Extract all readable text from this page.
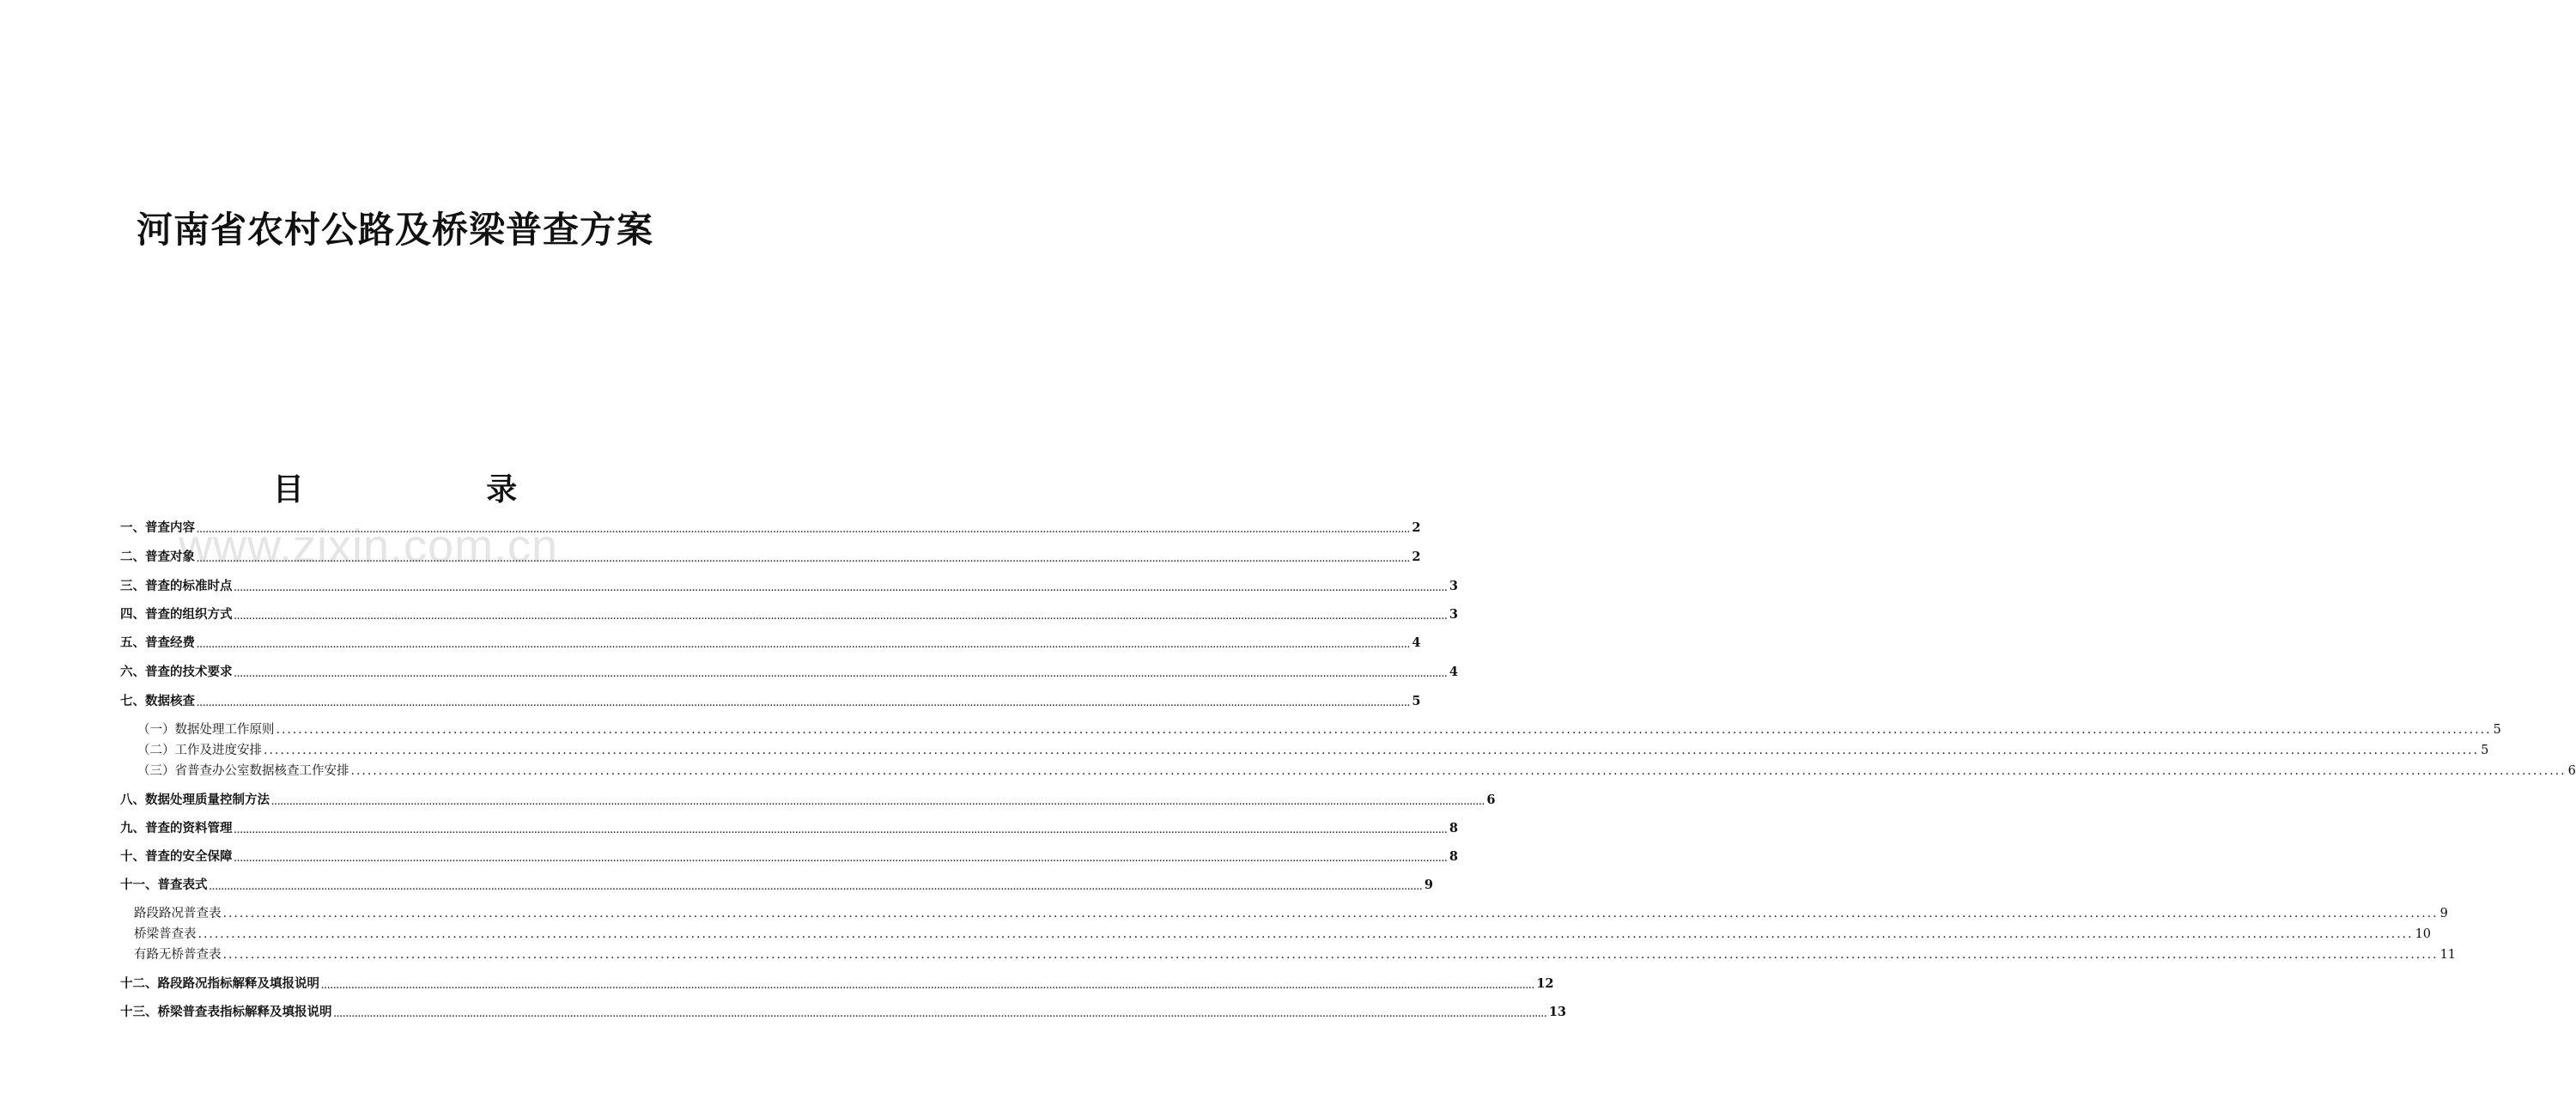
河南省农村公路及桥梁普查方案
目 录
www.zixin.com.cn
一、普查内容 ................................................................................................................................................................................................................................................................................................................................................................................................................ 2
二、普查对象 ................................................................................................................................................................................................................................................................................................................................................................................................................ 2
三、普查的标准时点 ................................................................................................................................................................................................................................................................................................................................................................................................................ 3
四、普查的组织方式 ................................................................................................................................................................................................................................................................................................................................................................................................................ 3
五、普查经费 ................................................................................................................................................................................................................................................................................................................................................................................................................ 4
六、普查的技术要求 ................................................................................................................................................................................................................................................................................................................................................................................................................ 4
七、数据核查 ................................................................................................................................................................................................................................................................................................................................................................................................................ 5
（一）数据处理工作原则 ................................................................................................................................................................................................................................................................................................................................................................................................................ 5
（二）工作及进度安排 ................................................................................................................................................................................................................................................................................................................................................................................................................ 5
（三）省普查办公室数据核查工作安排 ................................................................................................................................................................................................................................................................................................................................................................................................................ 6
八、数据处理质量控制方法 ................................................................................................................................................................................................................................................................................................................................................................................................................ 6
九、普查的资料管理 ................................................................................................................................................................................................................................................................................................................................................................................................................ 8
十、普查的安全保障 ................................................................................................................................................................................................................................................................................................................................................................................................................ 8
十一、普查表式 ................................................................................................................................................................................................................................................................................................................................................................................................................ 9
路段路况普查表 ................................................................................................................................................................................................................................................................................................................................................................................................................ 9
桥梁普查表 ................................................................................................................................................................................................................................................................................................................................................................................................................ 10
有路无桥普查表 ................................................................................................................................................................................................................................................................................................................................................................................................................ 11
十二、路段路况指标解释及填报说明 ................................................................................................................................................................................................................................................................................................................................................................................................................ 12
十三、桥梁普查表指标解释及填报说明 ................................................................................................................................................................................................................................................................................................................................................................................................................ 13
